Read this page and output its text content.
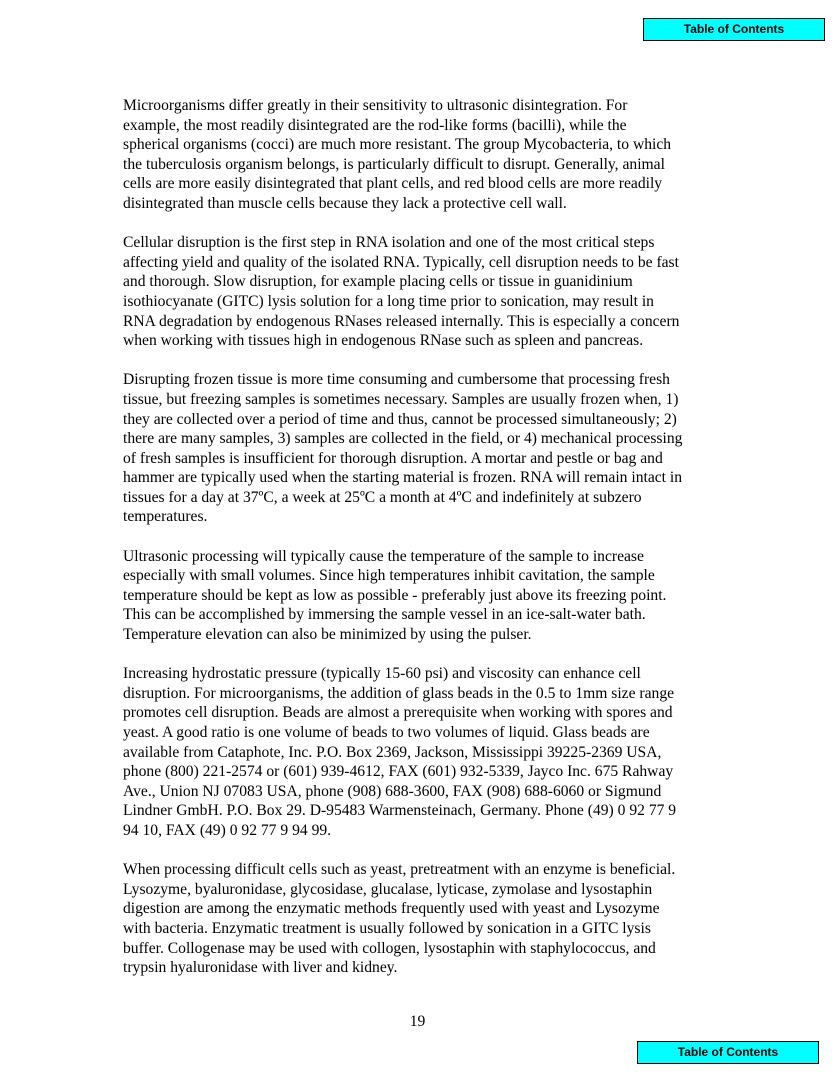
Table of Contents

Microorganisms differ greatly in their sensitivity to ultrasonic disintegration. For
example, the most readily disintegrated are the rod-like forms (bacilli), while the
spherical organisms (cocci) are much more resistant. The group Mycobacteria, to which
the tuberculosis organism belongs, is particularly difficult to disrupt. Generally, animal
cells are more easily disintegrated that plant cells, and red blood cells are more readily
disintegrated than muscle cells because they lack a protective cell wall.

Cellular disruption is the first step in RNA isolation and one of the most critical steps
affecting yield and quality of the isolated RNA. Typically, cell disruption needs to be fast
and thorough. Slow disruption, for example placing cells or tissue in guanidinium
isothiocyanate (GITC) lysis solution for a long time prior to sonication, may result in
RNA degradation by endogenous RNases released internally. This is especially a concern
when working with tissues high in endogenous RNase such as spleen and pancreas.

Disrupting frozen tissue is more time consuming and cumbersome that processing fresh
tissue, but freezing samples is sometimes necessary. Samples are usually frozen when, 1)
they are collected over a period of time and thus, cannot be processed simultaneously; 2)
there are many samples, 3) samples are collected in the field, or 4) mechanical processing
of fresh samples is insufficient for thorough disruption. A mortar and pestle or bag and
hammer are typically used when the starting material is frozen. RNA will remain intact in
tissues for a day at 37ºC, a week at 25ºC a month at 4ºC and indefinitely at subzero
temperatures.

Ultrasonic processing will typically cause the temperature of the sample to increase
especially with small volumes. Since high temperatures inhibit cavitation, the sample
temperature should be kept as low as possible - preferably just above its freezing point.
This can be accomplished by immersing the sample vessel in an ice-salt-water bath.
Temperature elevation can also be minimized by using the pulser.

Increasing hydrostatic pressure (typically 15-60 psi) and viscosity can enhance cell
disruption. For microorganisms, the addition of glass beads in the 0.5 to 1mm size range
promotes cell disruption. Beads are almost a prerequisite when working with spores and
yeast. A good ratio is one volume of beads to two volumes of liquid. Glass beads are
available from Cataphote, Inc. P.O. Box 2369, Jackson, Mississippi 39225-2369 USA,
phone (800) 221-2574 or (601) 939-4612, FAX (601) 932-5339, Jayco Inc. 675 Rahway
Ave., Union NJ 07083 USA, phone (908) 688-3600, FAX (908) 688-6060 or Sigmund
Lindner GmbH. P.O. Box 29. D-95483 Warmensteinach, Germany. Phone (49) 0 92 77 9
94 10, FAX (49) 0 92 77 9 94 99.

When processing difficult cells such as yeast, pretreatment with an enzyme is beneficial.
Lysozyme, byaluronidase, glycosidase, glucalase, lyticase, zymolase and lysostaphin
digestion are among the enzymatic methods frequently used with yeast and Lysozyme
with bacteria. Enzymatic treatment is usually followed by sonication in a GITC lysis
buffer. Collogenase may be used with collogen, lysostaphin with staphylococcus, and
trypsin hyaluronidase with liver and kidney.

19
Table of Contents
